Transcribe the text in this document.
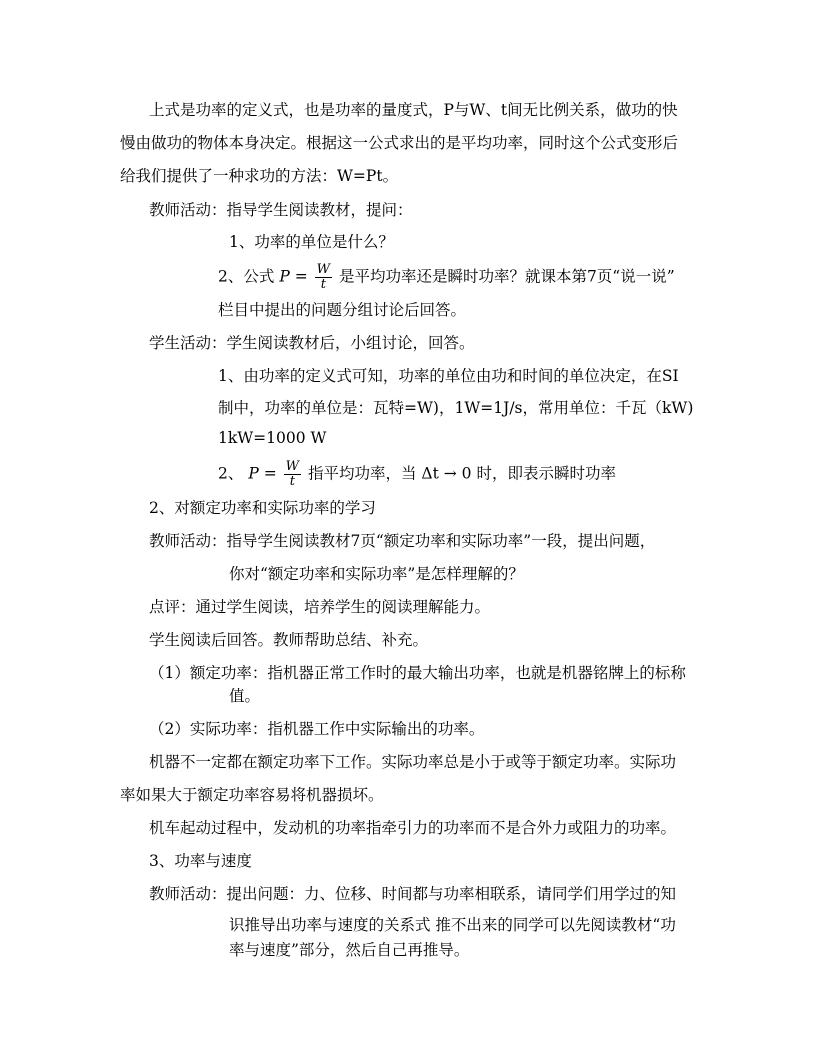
上式是功率的定义式，也是功率的量度式，P与W、t间无比例关系，做功的快
慢由做功的物体本身决定。根据这一公式求出的是平均功率，同时这个公式变形后
给我们提供了一种求功的方法：W=Pt。
教师活动：指导学生阅读教材，提问：
1、功率的单位是什么？
2、公式 $P = \frac{W}{t}$ 是平均功率还是瞬时功率？就课本第7页“说一说”
栏目中提出的问题分组讨论后回答。
学生活动：学生阅读教材后，小组讨论，回答。
1、由功率的定义式可知，功率的单位由功和时间的单位决定，在SI
制中，功率的单位是：瓦特=W)，1W=1J/s，常用单位：千瓦（kW)
1kW=1000 W
2、 $P = \frac{W}{t}$ 指平均功率，当 Δt → 0 时，即表示瞬时功率
2、对额定功率和实际功率的学习
教师活动：指导学生阅读教材7页“额定功率和实际功率”一段，提出问题，
你对“额定功率和实际功率”是怎样理解的？
点评：通过学生阅读，培养学生的阅读理解能力。
学生阅读后回答。教师帮助总结、补充。
（1）额定功率：指机器正常工作时的最大输出功率，也就是机器铭牌上的标称
值。
（2）实际功率：指机器工作中实际输出的功率。
机器不一定都在额定功率下工作。实际功率总是小于或等于额定功率。实际功
率如果大于额定功率容易将机器损坏。
机车起动过程中，发动机的功率指牵引力的功率而不是合外力或阻力的功率。
3、功率与速度
教师活动：提出问题：力、位移、时间都与功率相联系，请同学们用学过的知
识推导出功率与速度的关系式 推不出来的同学可以先阅读教材“功
率与速度”部分，然后自己再推导。
